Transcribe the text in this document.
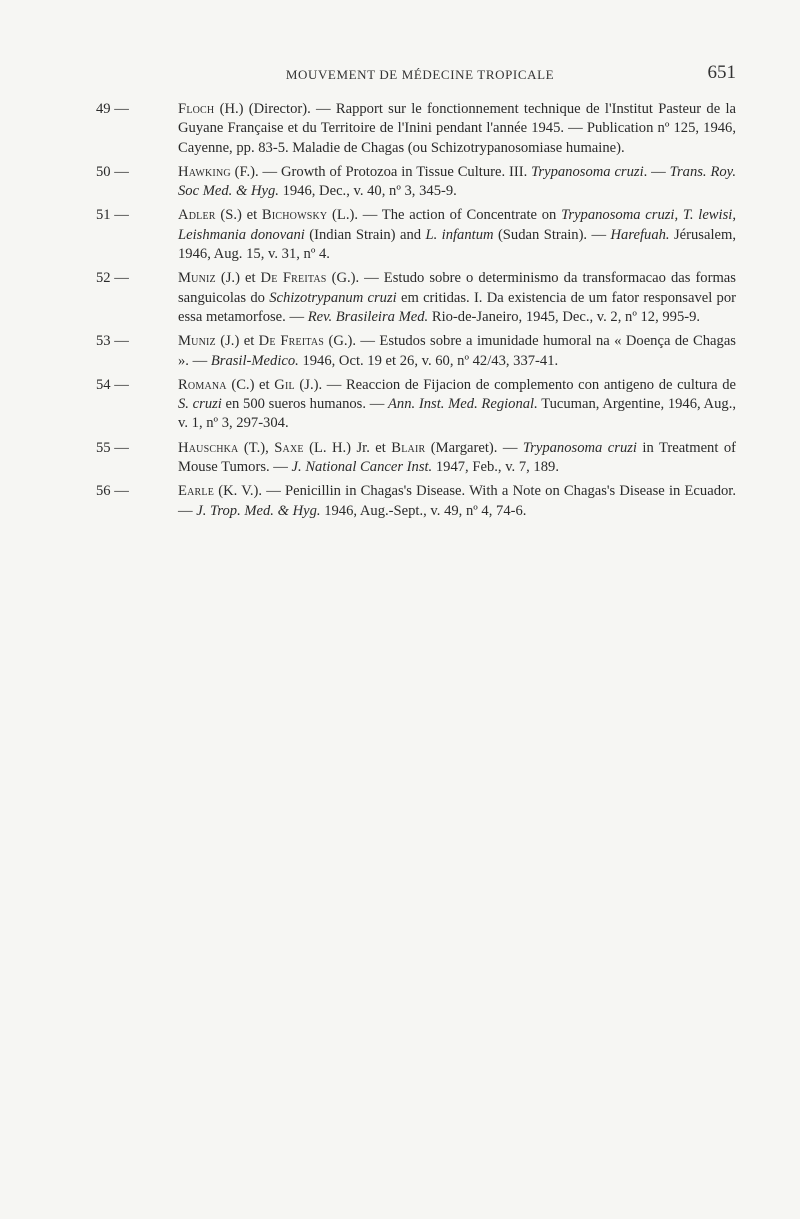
MOUVEMENT DE MÉDECINE TROPICALE	651
49 —	Floch (H.) (Director). — Rapport sur le fonctionnement technique de l'Institut Pasteur de la Guyane Française et du Territoire de l'Inini pendant l'année 1945. — Publication nº 125, 1946, Cayenne, pp. 83-5. Maladie de Chagas (ou Schizotrypanosomiase humaine).
50 —	Hawking (F.). — Growth of Protozoa in Tissue Culture. III. Trypanosoma cruzi. — Trans. Roy. Soc Med. & Hyg. 1946, Dec., v. 40, nº 3, 345-9.
51 —	Adler (S.) et Bichowsky (L.). — The action of Concentrate on Trypanosoma cruzi, T. lewisi, Leishmania donovani (Indian Strain) and L. infantum (Sudan Strain). — Harefuah. Jérusalem, 1946, Aug. 15, v. 31, nº 4.
52 —	Muniz (J.) et De Freitas (G.). — Estudo sobre o determinismo da transformacao das formas sanguicolas do Schizotrypanum cruzi em critidas. I. Da existencia de um fator responsavel por essa metamorfose. — Rev. Brasileira Med. Rio-de-Janeiro, 1945, Dec., v. 2, nº 12, 995-9.
53 —	Muniz (J.) et De Freitas (G.). — Estudos sobre a imunidade humoral na « Doença de Chagas ». — Brasil-Medico. 1946, Oct. 19 et 26, v. 60, nº 42/43, 337-41.
54 —	Romana (C.) et Gil (J.). — Reaccion de Fijacion de complemento con antigeno de cultura de S. cruzi en 500 sueros humanos. — Ann. Inst. Med. Regional. Tucuman, Argentine, 1946, Aug., v. 1, nº 3, 297-304.
55 —	Hauschka (T.), Saxe (L. H.) Jr. et Blair (Margaret). — Trypanosoma cruzi in Treatment of Mouse Tumors. — J. National Cancer Inst. 1947, Feb., v. 7, 189.
56 —	Earle (K. V.). — Penicillin in Chagas's Disease. With a Note on Chagas's Disease in Ecuador. — J. Trop. Med. & Hyg. 1946, Aug.-Sept., v. 49, nº 4, 74-6.
